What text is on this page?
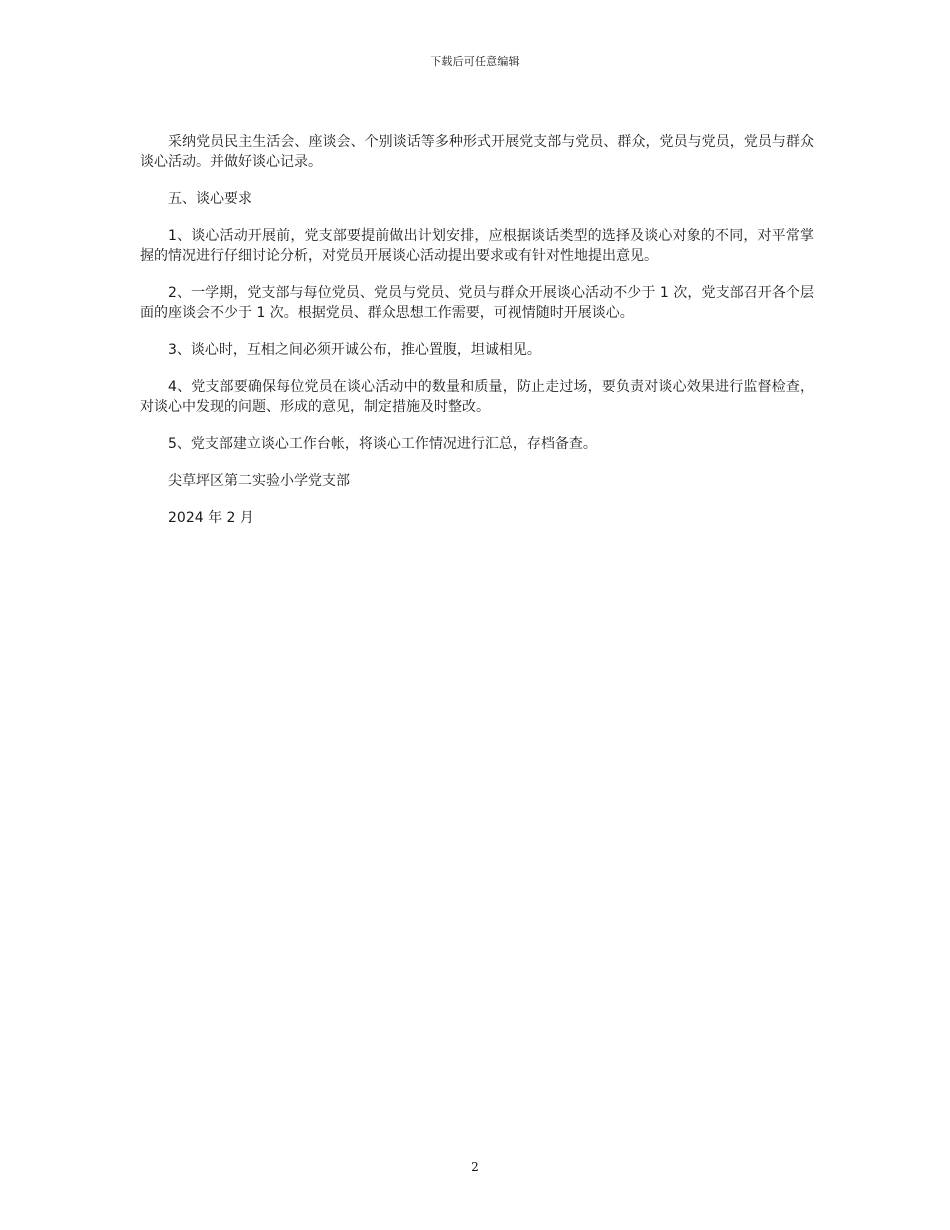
下载后可任意编辑

采纳党员民主生活会、座谈会、个别谈话等多种形式开展党支部与党员、群众，党员与党员，党员与群众谈心活动。并做好谈心记录。

五、谈心要求

1、谈心活动开展前，党支部要提前做出计划安排，应根据谈话类型的选择及谈心对象的不同，对平常掌握的情况进行仔细讨论分析，对党员开展谈心活动提出要求或有针对性地提出意见。

2、一学期，党支部与每位党员、党员与党员、党员与群众开展谈心活动不少于 1 次，党支部召开各个层面的座谈会不少于 1 次。根据党员、群众思想工作需要，可视情随时开展谈心。

3、谈心时，互相之间必须开诚公布，推心置腹，坦诚相见。

4、党支部要确保每位党员在谈心活动中的数量和质量，防止走过场，要负责对谈心效果进行监督检查，对谈心中发现的问题、形成的意见，制定措施及时整改。

5、党支部建立谈心工作台帐，将谈心工作情况进行汇总，存档备查。

尖草坪区第二实验小学党支部

2024 年 2 月

2
